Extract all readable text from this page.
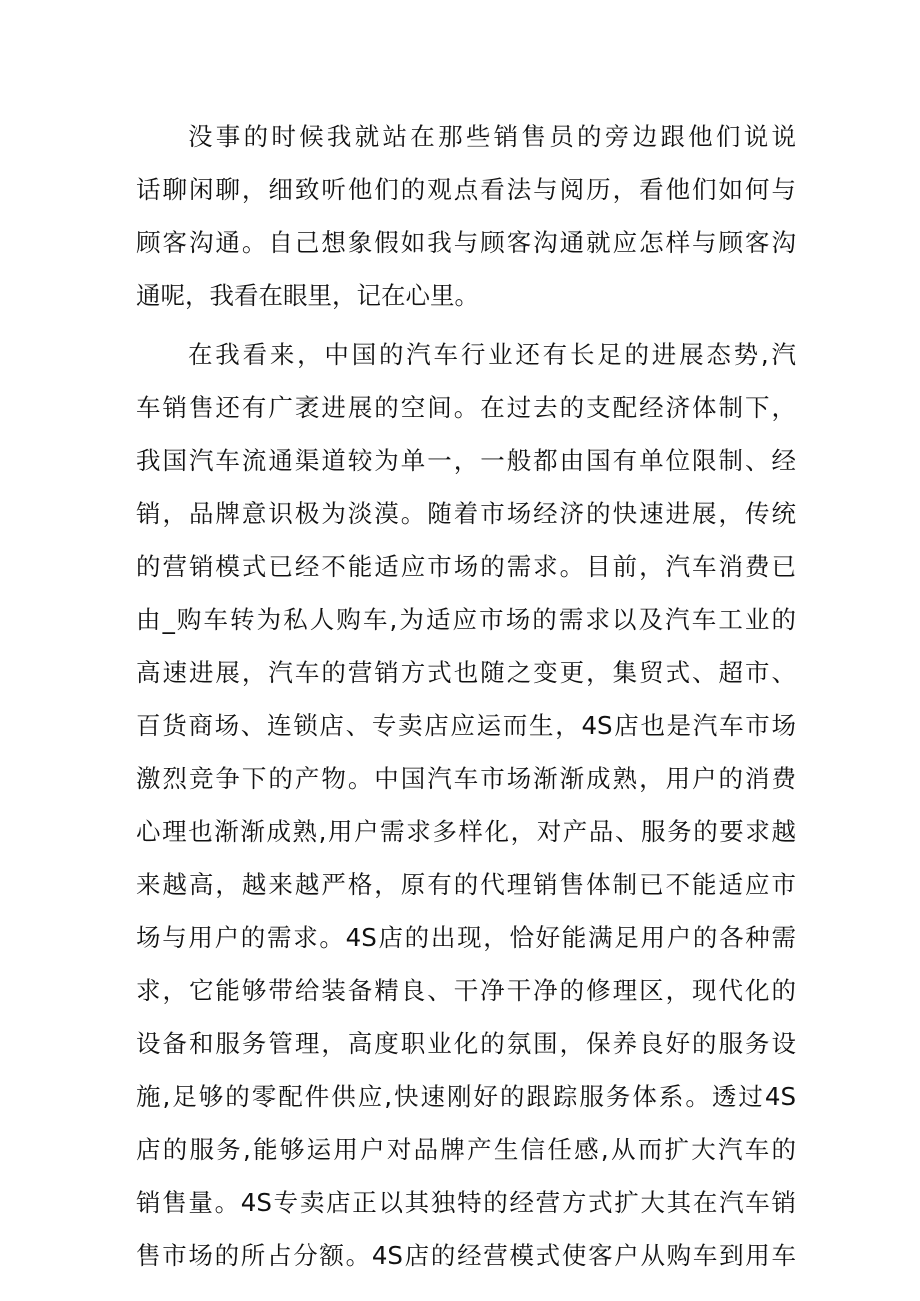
没事的时候我就站在那些销售员的旁边跟他们说说
话聊闲聊，细致听他们的观点看法与阅历，看他们如何与
顾客沟通。自己想象假如我与顾客沟通就应怎样与顾客沟
通呢，我看在眼里，记在心里。
在我看来，中国的汽车行业还有长足的进展态势,汽
车销售还有广袤进展的空间。在过去的支配经济体制下，
我国汽车流通渠道较为单一，一般都由国有单位限制、经
销，品牌意识极为淡漠。随着市场经济的快速进展，传统
的营销模式已经不能适应市场的需求。目前，汽车消费已
由_购车转为私人购车,为适应市场的需求以及汽车工业的
高速进展，汽车的营销方式也随之变更，集贸式、超市、
百货商场、连锁店、专卖店应运而生，4S店也是汽车市场
激烈竞争下的产物。中国汽车市场渐渐成熟，用户的消费
心理也渐渐成熟,用户需求多样化，对产品、服务的要求越
来越高，越来越严格，原有的代理销售体制已不能适应市
场与用户的需求。4S店的出现，恰好能满足用户的各种需
求，它能够带给装备精良、干净干净的修理区，现代化的
设备和服务管理，高度职业化的氛围，保养良好的服务设
施,足够的零配件供应,快速刚好的跟踪服务体系。透过4S
店的服务,能够运用户对品牌产生信任感,从而扩大汽车的
销售量。4S专卖店正以其独特的经营方式扩大其在汽车销
售市场的所占分额。4S店的经营模式使客户从购车到用车
